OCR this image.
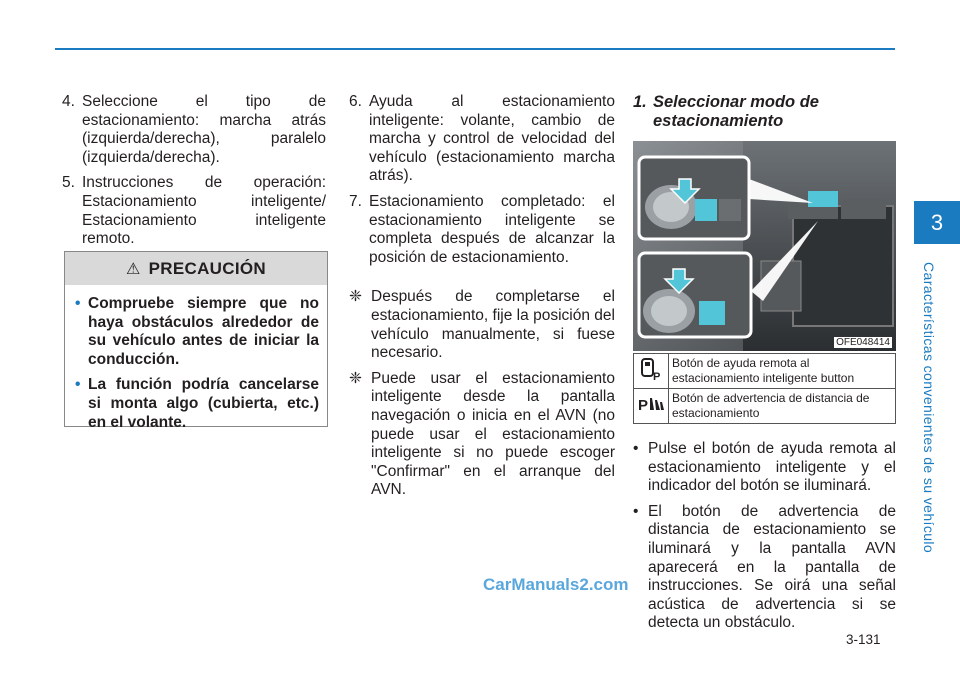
4. Seleccione el tipo de estacionamiento: marcha atrás (izquierda/derecha), paralelo (izquierda/derecha).
5. Instrucciones de operación: Estacionamiento inteligente/ Estacionamiento inteligente remoto.
⚠ PRECAUCIÓN
• Compruebe siempre que no haya obstáculos alrededor de su vehículo antes de iniciar la conducción.
• La función podría cancelarse si monta algo (cubierta, etc.) en el volante.
6. Ayuda al estacionamiento inteligente: volante, cambio de marcha y control de velocidad del vehículo (estacionamiento marcha atrás).
7. Estacionamiento completado: el estacionamiento inteligente se completa después de alcanzar la posición de estacionamiento.
❈ Después de completarse el estacionamiento, fije la posición del vehículo manualmente, si fuese necesario.
❈ Puede usar el estacionamiento inteligente desde la pantalla navegación o inicia en el AVN (no puede usar el estacionamiento inteligente si no puede escoger "Confirmar" en el arranque del AVN.
1. Seleccionar modo de estacionamiento
OFE048414
P	Botón de ayuda remota al estacionamiento inteligente button

P	Botón de advertencia de distancia de estacionamiento
• Pulse el botón de ayuda remota al estacionamiento inteligente y el indicador del botón se iluminará.
• El botón de advertencia de distancia de estacionamiento se iluminará y la pantalla AVN aparecerá en la pantalla de instrucciones. Se oirá una señal acústica de advertencia si se detecta un obstáculo.
3
Características convenientes de su vehículo
CarManuals2.com
3-131
